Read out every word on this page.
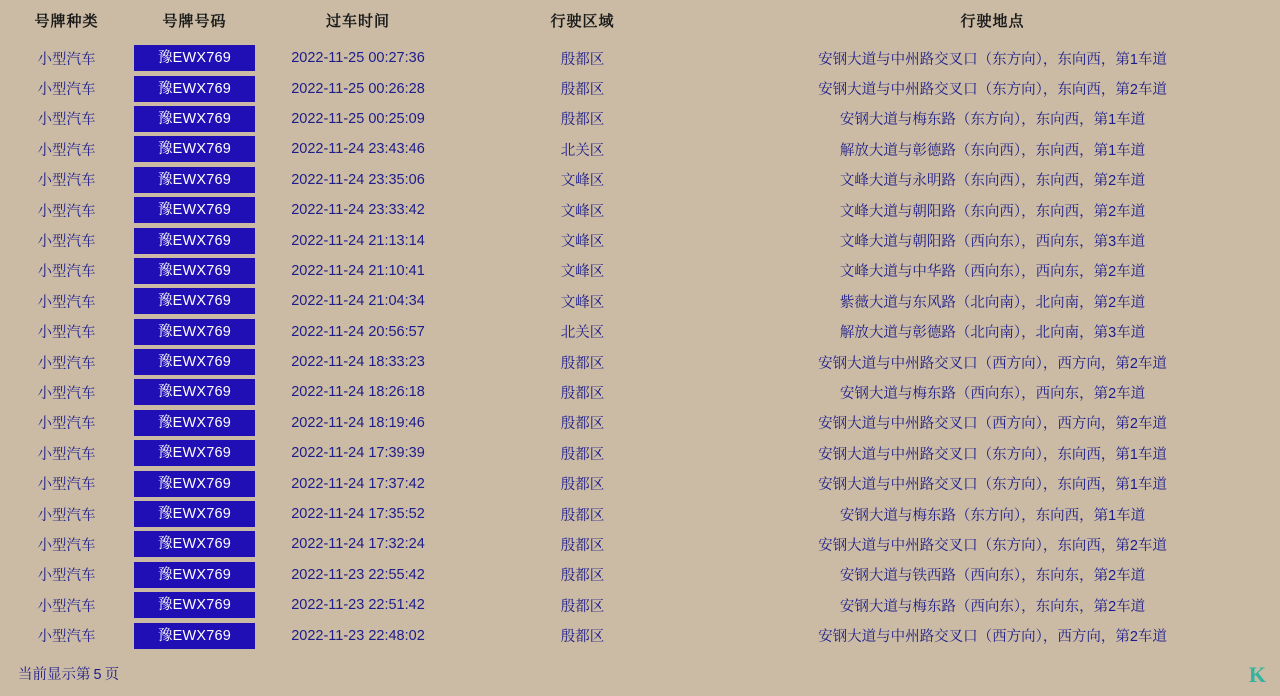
号牌种类	号牌号码	过车时间	行驶区域	行驶地点
小型汽车	豫EWX769	2022-11-25 00:27:36	殷都区	安钢大道与中州路交叉口（东方向），东向西，第1车道
小型汽车	豫EWX769	2022-11-25 00:26:28	殷都区	安钢大道与中州路交叉口（东方向），东向西，第2车道
小型汽车	豫EWX769	2022-11-25 00:25:09	殷都区	安钢大道与梅东路（东方向），东向西，第1车道
小型汽车	豫EWX769	2022-11-24 23:43:46	北关区	解放大道与彰德路（东向西），东向西，第1车道
小型汽车	豫EWX769	2022-11-24 23:35:06	文峰区	文峰大道与永明路（东向西），东向西，第2车道
小型汽车	豫EWX769	2022-11-24 23:33:42	文峰区	文峰大道与朝阳路（东向西），东向西，第2车道
小型汽车	豫EWX769	2022-11-24 21:13:14	文峰区	文峰大道与朝阳路（西向东），西向东，第3车道
小型汽车	豫EWX769	2022-11-24 21:10:41	文峰区	文峰大道与中华路（西向东），西向东，第2车道
小型汽车	豫EWX769	2022-11-24 21:04:34	文峰区	紫薇大道与东风路（北向南），北向南，第2车道
小型汽车	豫EWX769	2022-11-24 20:56:57	北关区	解放大道与彰德路（北向南），北向南，第3车道
小型汽车	豫EWX769	2022-11-24 18:33:23	殷都区	安钢大道与中州路交叉口（西方向），西方向，第2车道
小型汽车	豫EWX769	2022-11-24 18:26:18	殷都区	安钢大道与梅东路（西向东），西向东，第2车道
小型汽车	豫EWX769	2022-11-24 18:19:46	殷都区	安钢大道与中州路交叉口（西方向），西方向，第2车道
小型汽车	豫EWX769	2022-11-24 17:39:39	殷都区	安钢大道与中州路交叉口（东方向），东向西，第1车道
小型汽车	豫EWX769	2022-11-24 17:37:42	殷都区	安钢大道与中州路交叉口（东方向），东向西，第1车道
小型汽车	豫EWX769	2022-11-24 17:35:52	殷都区	安钢大道与梅东路（东方向），东向西，第1车道
小型汽车	豫EWX769	2022-11-24 17:32:24	殷都区	安钢大道与中州路交叉口（东方向），东向西，第2车道
小型汽车	豫EWX769	2022-11-23 22:55:42	殷都区	安钢大道与铁西路（西向东），东向东，第2车道
小型汽车	豫EWX769	2022-11-23 22:51:42	殷都区	安钢大道与梅东路（西向东），东向东，第2车道
小型汽车	豫EWX769	2022-11-23 22:48:02	殷都区	安钢大道与中州路交叉口（西方向），西方向，第2车道
当前显示第 5 页	K
